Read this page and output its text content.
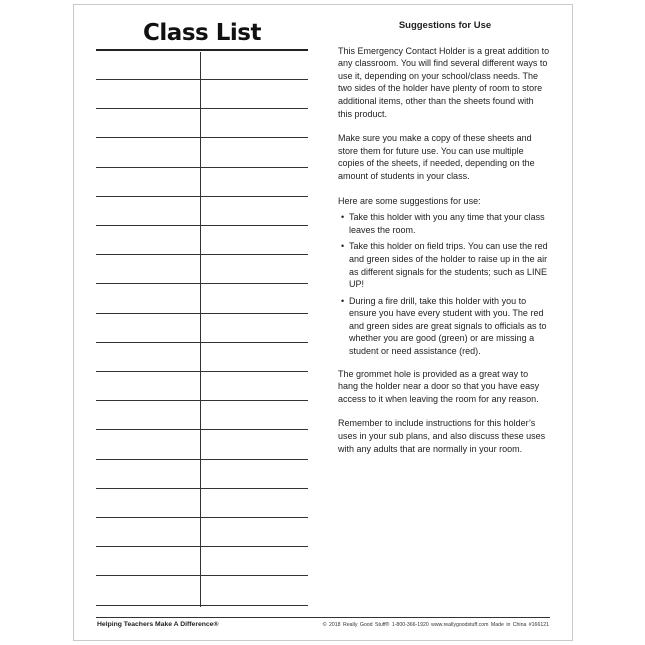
Class List	Suggestions for Use

This Emergency Contact Holder is a great addition to any classroom. You will find several different ways to use it, depending on your school/class needs. The two sides of the holder have plenty of room to store additional items, other than the sheets found with this product.

Make sure you make a copy of these sheets and store them for future use. You can use multiple copies of the sheets, if needed, depending on the amount of students in your class.

Here are some suggestions for use:

• Take this holder with you any time that your class leaves the room.
• Take this holder on field trips. You can use the red and green sides of the holder to raise up in the air as different signals for the students; such as LINE UP!
• During a fire drill, take this holder with you to ensure you have every student with you. The red and green sides are great signals to officials as to whether you are good (green) or are missing a student or need assistance (red).

The grommet hole is provided as a great way to hang the holder near a door so that you have easy access to it when leaving the room for any reason.

Remember to include instructions for this holder’s uses in your sub plans, and also discuss these uses with any adults that are normally in your room.

Helping Teachers Make A Difference®	© 2018 Really Good Stuff® 1-800-366-1920 www.reallygoodstuff.com Made in China #166121
